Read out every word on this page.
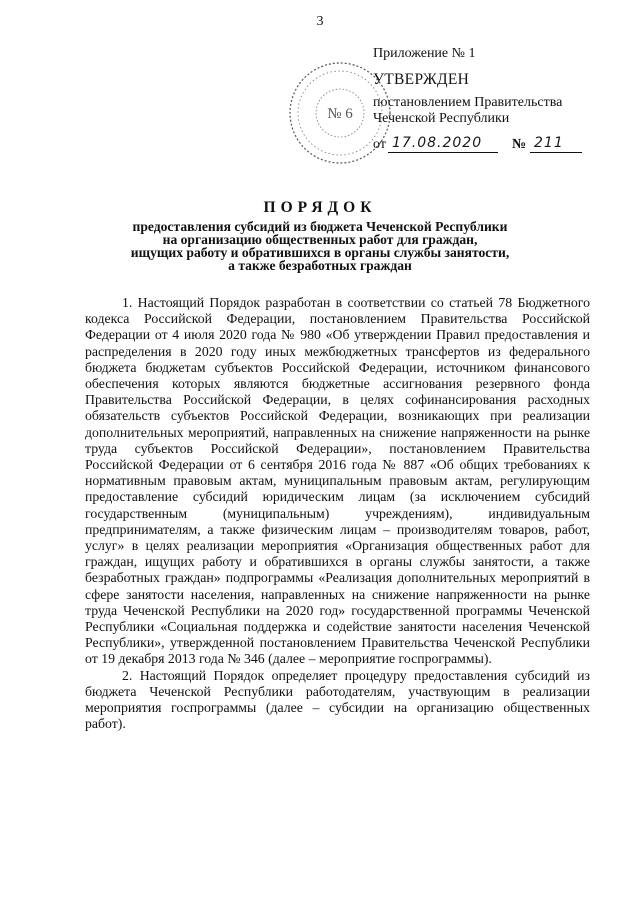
3
№ 6
Приложение № 1
УТВЕРЖДЕН
постановлением Правительства
Чеченской Республики
от 17.08.2020	№ 211
ПОРЯДОК
предоставления субсидий из бюджета Чеченской Республики
на организацию общественных работ для граждан,
ищущих работу и обратившихся в органы службы занятости,
а также безработных граждан

1. Настоящий Порядок разработан в соответствии со статьей 78 Бюджетного кодекса Российской Федерации, постановлением Правительства Российской Федерации от 4 июля 2020 года № 980 «Об утверждении Правил предоставления и распределения в 2020 году иных межбюджетных трансфертов из федерального бюджета бюджетам субъектов Российской Федерации, источником финансового обеспечения которых являются бюджетные ассигнования резервного фонда Правительства Российской Федерации, в целях софинансирования расходных обязательств субъектов Российской Федерации, возникающих при реализации дополнительных мероприятий, направленных на снижение напряженности на рынке труда субъектов Российской Федерации», постановлением Правительства Российской Федерации от 6 сентября 2016 года № 887 «Об общих требованиях к нормативным правовым актам, муниципальным правовым актам, регулирующим предоставление субсидий юридическим лицам (за исключением субсидий государственным (муниципальным) учреждениям), индивидуальным предпринимателям, а также физическим лицам – производителям товаров, работ, услуг» в целях реализации мероприятия «Организация общественных работ для граждан, ищущих работу и обратившихся в органы службы занятости, а также безработных граждан» подпрограммы «Реализация дополнительных мероприятий в сфере занятости населения, направленных на снижение напряженности на рынке труда Чеченской Республики на 2020 год» государственной программы Чеченской Республики «Социальная поддержка и содействие занятости населения Чеченской Республики», утвержденной постановлением Правительства Чеченской Республики от 19 декабря 2013 года № 346 (далее – мероприятие госпрограммы).

2. Настоящий Порядок определяет процедуру предоставления субсидий из бюджета Чеченской Республики работодателям, участвующим в реализации мероприятия госпрограммы (далее – субсидии на организацию общественных работ).
